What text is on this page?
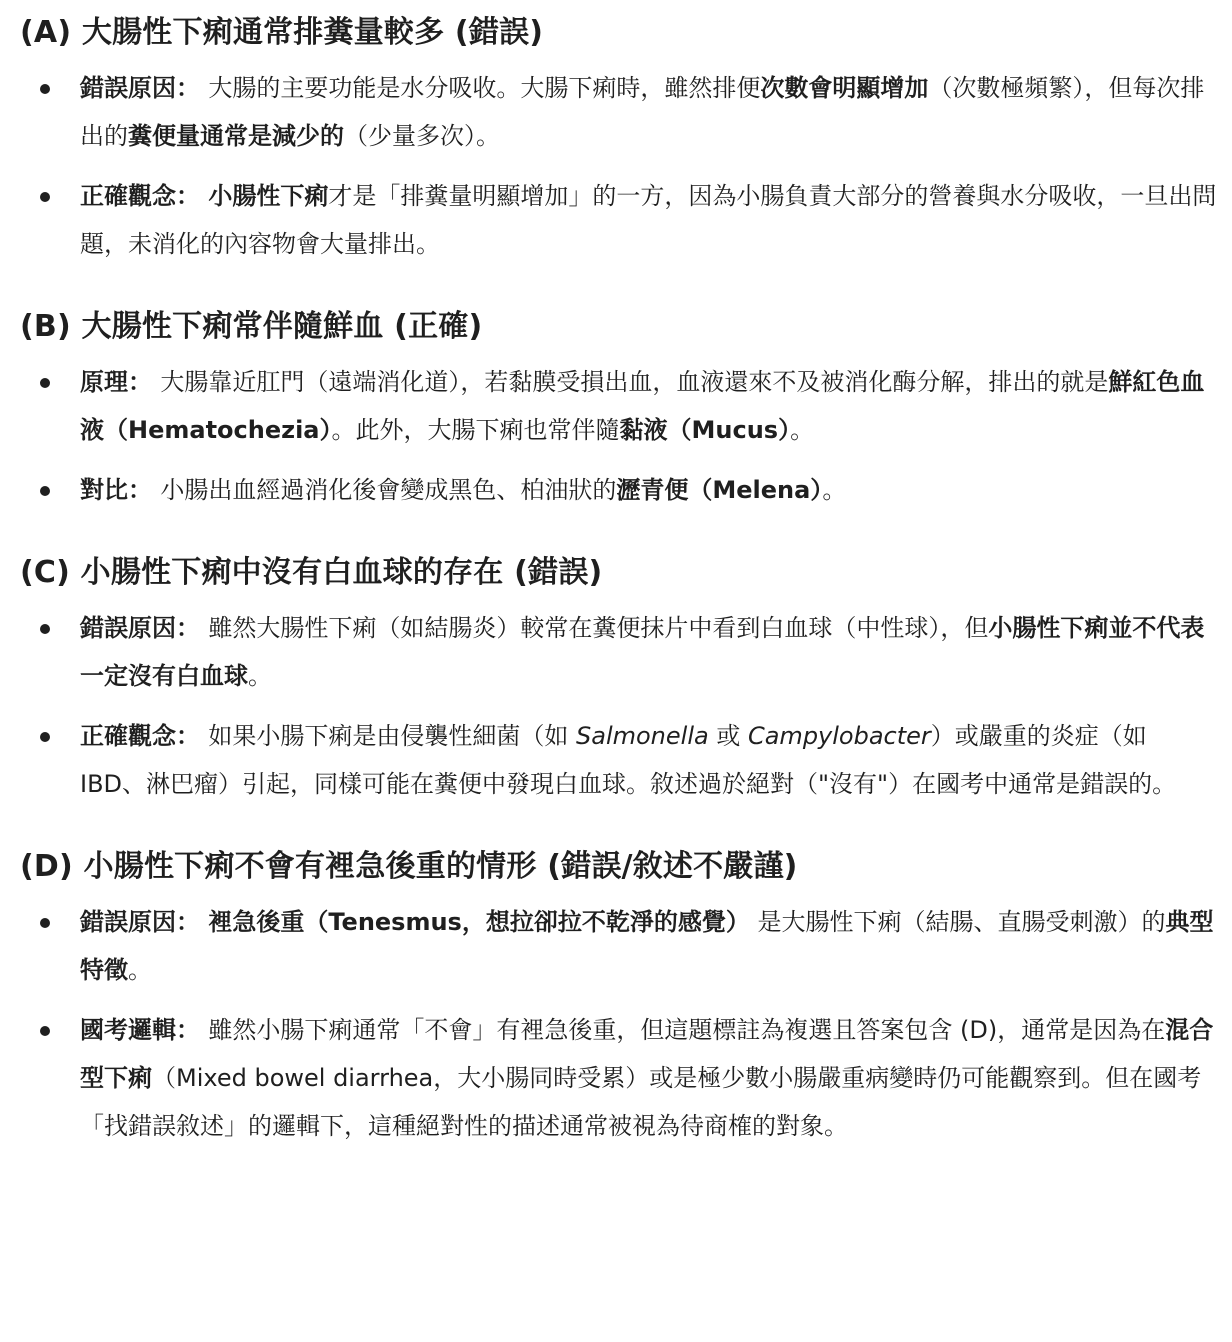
(A) 大腸性下痢通常排糞量較多 (錯誤)
錯誤原因： 大腸的主要功能是水分吸收。大腸下痢時，雖然排便次數會明顯增加（次數極頻繁），但每次排出的糞便量通常是減少的（少量多次）。
正確觀念： 小腸性下痢才是「排糞量明顯增加」的一方，因為小腸負責大部分的營養與水分吸收，一旦出問題，未消化的內容物會大量排出。
(B) 大腸性下痢常伴隨鮮血 (正確)
原理： 大腸靠近肛門（遠端消化道），若黏膜受損出血，血液還來不及被消化酶分解，排出的就是鮮紅色血液（Hematochezia）。此外，大腸下痢也常伴隨黏液（Mucus）。
對比： 小腸出血經過消化後會變成黑色、柏油狀的瀝青便（Melena）。
(C) 小腸性下痢中沒有白血球的存在 (錯誤)
錯誤原因： 雖然大腸性下痢（如結腸炎）較常在糞便抹片中看到白血球（中性球），但小腸性下痢並不代表一定沒有白血球。
正確觀念： 如果小腸下痢是由侵襲性細菌（如 Salmonella 或 Campylobacter）或嚴重的炎症（如 IBD、淋巴瘤）引起，同樣可能在糞便中發現白血球。敘述過於絕對（"沒有"）在國考中通常是錯誤的。
(D) 小腸性下痢不會有裡急後重的情形 (錯誤/敘述不嚴謹)
錯誤原因： 裡急後重（Tenesmus，想拉卻拉不乾淨的感覺） 是大腸性下痢（結腸、直腸受刺激）的典型特徵。
國考邏輯： 雖然小腸下痢通常「不會」有裡急後重，但這題標註為複選且答案包含 (D)，通常是因為在混合型下痢（Mixed bowel diarrhea，大小腸同時受累）或是極少數小腸嚴重病變時仍可能觀察到。但在國考「找錯誤敘述」的邏輯下，這種絕對性的描述通常被視為待商榷的對象。
